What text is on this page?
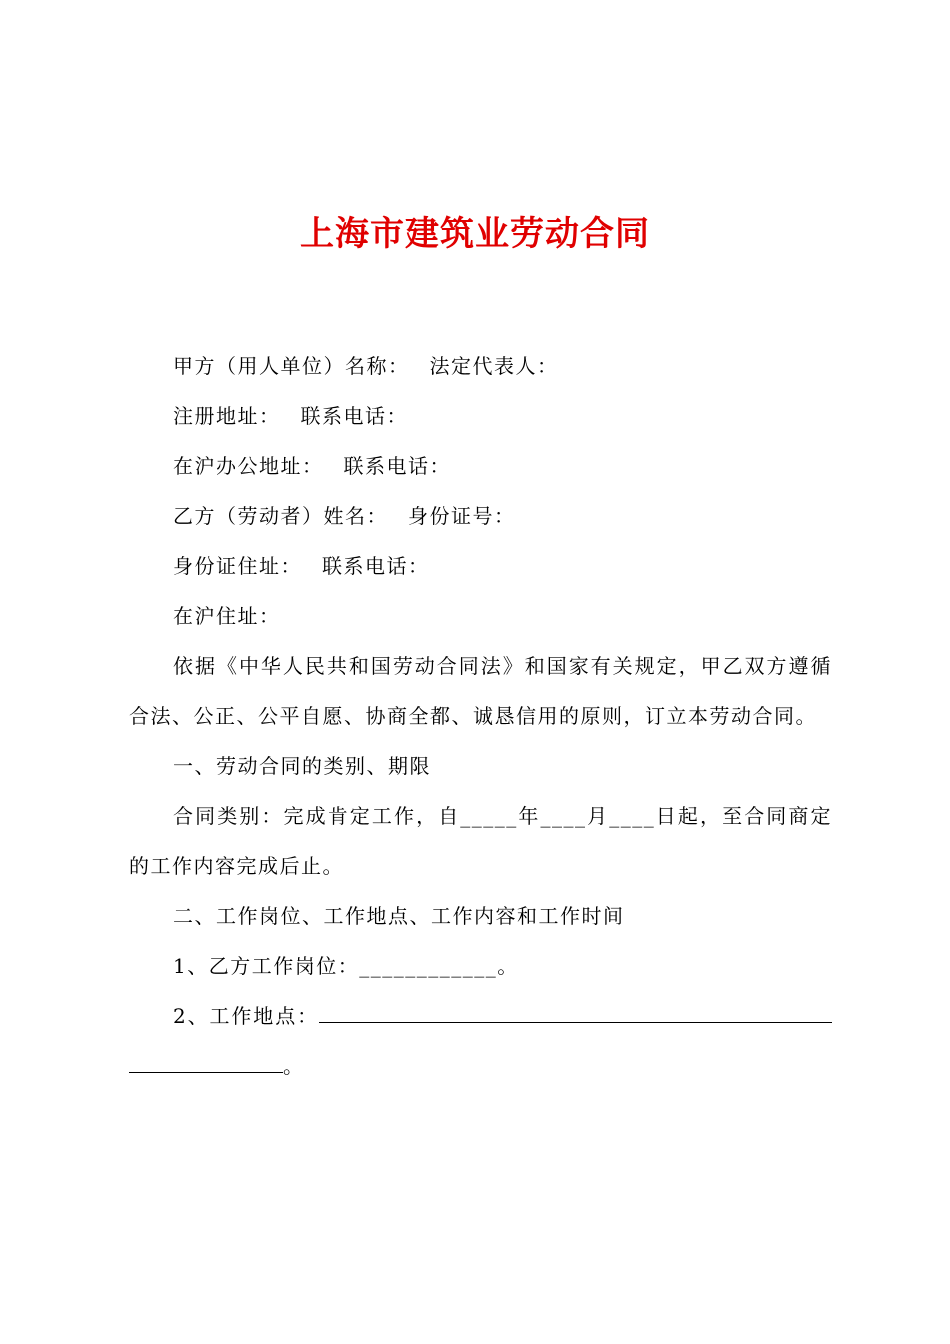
上海市建筑业劳动合同

甲方（用人单位）名称： 法定代表人：

注册地址： 联系电话：

在沪办公地址： 联系电话：

乙方（劳动者）姓名： 身份证号：

身份证住址： 联系电话：

在沪住址：

依据《中华人民共和国劳动合同法》和国家有关规定，甲乙双方遵循合法、公正、公平自愿、协商全都、诚恳信用的原则，订立本劳动合同。

一、劳动合同的类别、期限

合同类别：完成肯定工作，自_____年____月____日起，至合同商定的工作内容完成后止。

二、工作岗位、工作地点、工作内容和工作时间

1、乙方工作岗位：____________。

2、工作地点：。
